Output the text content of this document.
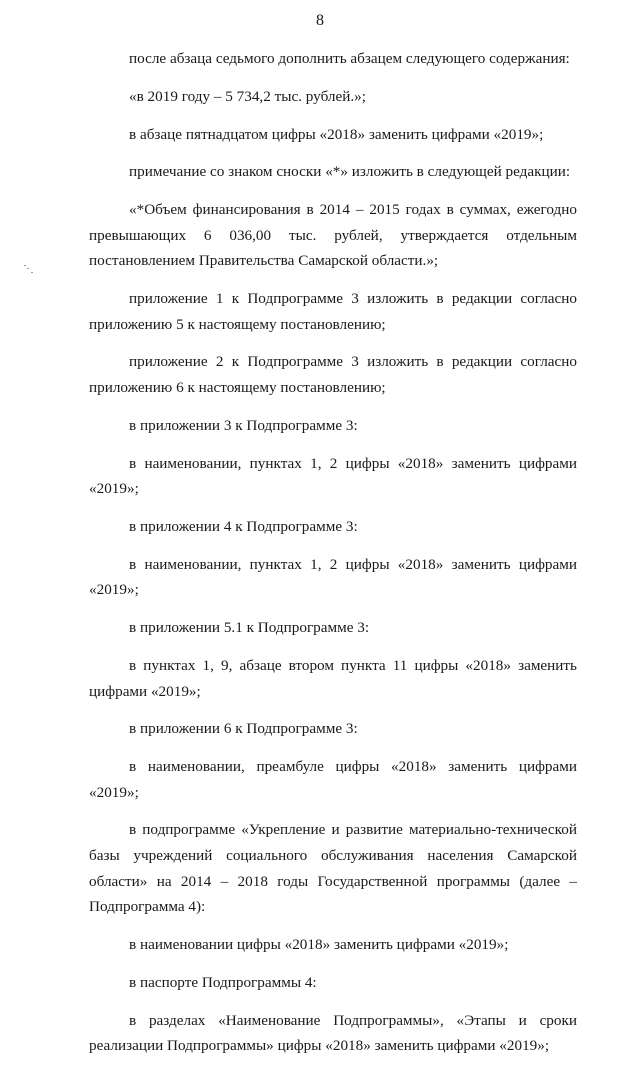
8

после абзаца седьмого дополнить абзацем следующего содержания:

«в 2019 году – 5 734,2 тыс. рублей.»;

в абзаце пятнадцатом цифры «2018» заменить цифрами «2019»;

примечание со знаком сноски «*» изложить в следующей редакции:

«*Объем финансирования в 2014 – 2015 годах в суммах, ежегодно превышающих 6 036,00 тыс. рублей, утверждается отдельным постановлением Правительства Самарской области.»;

приложение 1 к Подпрограмме 3 изложить в редакции согласно приложению 5 к настоящему постановлению;

приложение 2 к Подпрограмме 3 изложить в редакции согласно приложению 6 к настоящему постановлению;

в приложении 3 к Подпрограмме 3:

в наименовании, пунктах 1, 2 цифры «2018» заменить цифрами «2019»;

в приложении 4 к Подпрограмме 3:

в наименовании, пунктах 1, 2 цифры «2018» заменить цифрами «2019»;

в приложении 5.1 к Подпрограмме 3:

в пунктах 1, 9, абзаце втором пункта 11 цифры «2018» заменить цифрами «2019»;

в приложении 6 к Подпрограмме 3:

в наименовании, преамбуле цифры «2018» заменить цифрами «2019»;

в подпрограмме «Укрепление и развитие материально-технической базы учреждений социального обслуживания населения Самарской области» на 2014 – 2018 годы Государственной программы (далее – Подпрограмма 4):

в наименовании цифры «2018» заменить цифрами «2019»;

в паспорте Подпрограммы 4:

в разделах «Наименование Подпрограммы», «Этапы и сроки реализации Подпрограммы» цифры «2018» заменить цифрами «2019»;
